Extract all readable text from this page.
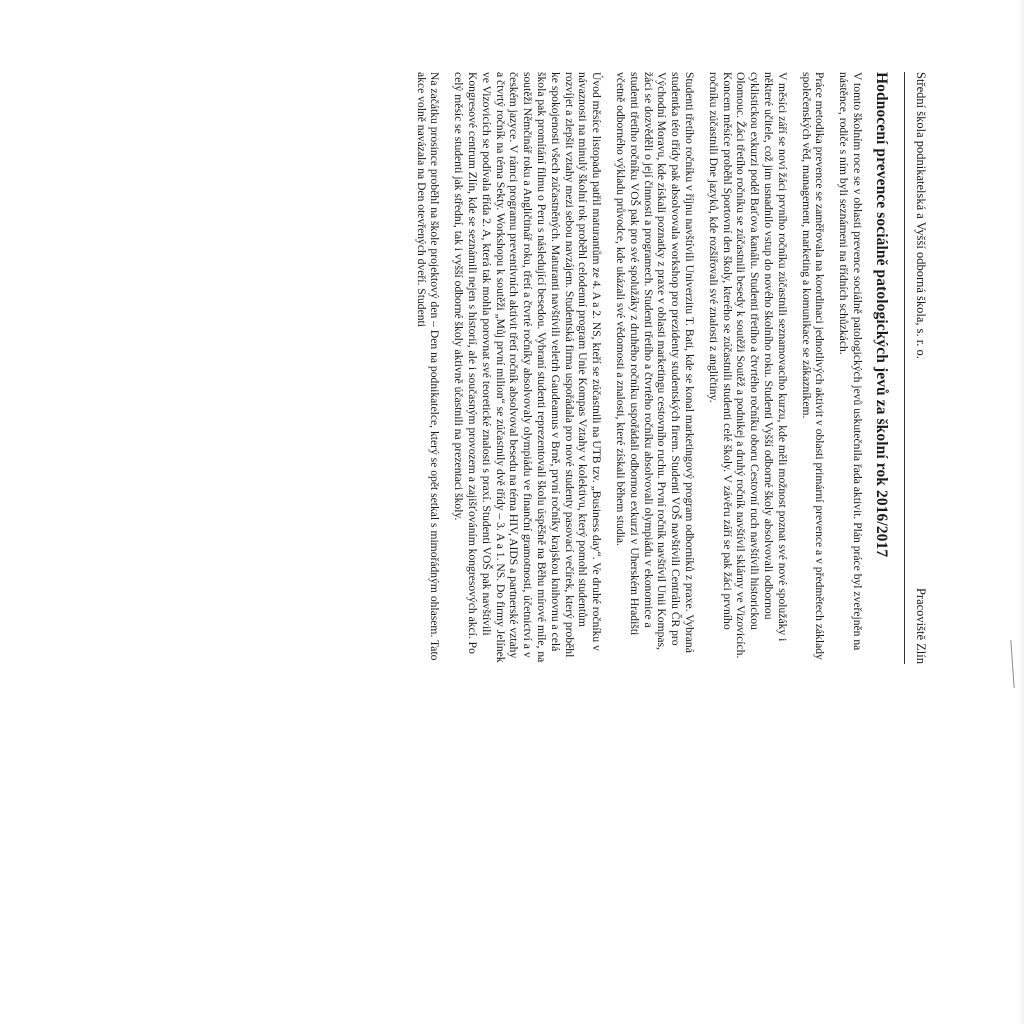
Střední škola podnikatelská a Vyšší odborná škola, s. r. o.
Pracoviště Zlín
Hodnocení prevence sociálně patologických jevů za školní rok 2016/2017

V tomto školním roce se v oblasti prevence sociálně patologických jevů uskutečnila řada aktivit. Plán práce byl zveřejněn na nástěnce, rodiče s ním byli seznámeni na třídních schůzkách.

Práce metodika prevence se zaměřovala na koordinaci jednotlivých aktivit v oblasti primární prevence a v předmětech základy společenských věd, management, marketing a komunikace se zákazníkem.

V měsíci září se noví žáci prvního ročníku zúčastnili seznamovacího kurzu, kde měli možnost poznat své nové spolužáky i některé učitele, což jim usnadnilo vstup do nového školního roku. Studenti Vyšší odborné školy absolvovali odbornou cyklistickou exkurzi podél Baťova kanálu. Studenti třetího a čtvrtého ročníku oboru Cestovní ruch navštívili historickou Olomouc. Žáci třetího ročníku se zúčastnili besedy k soutěži Soutěž a podnikej a druhý ročník navštívil sklárny ve Vizovicích. Koncem měsíce proběhl Sportovní den školy, kterého se zúčastnili studenti celé školy. V závěru září se pak žáci prvního ročníku zúčastnili Dne jazyků, kde rozšiřovali své znalosti z angličtiny.

Studenti třetího ročníku v říjnu navštívili Univerzitu T. Bati, kde se konal marketingový program odborníků z praxe. Vybraná studentka této třídy pak absolvovala workshop pro prezidenty studentských firem. Studenti VOŠ navštívili Centrálu ČR pro Východní Moravu, kde získali poznatky z praxe v oblasti marketingu cestovního ruchu. První ročník navštívil Unii Kompas, žáci se dozvěděli o její činnosti a programech. Studenti třetího a čtvrtého ročníku absolvovali olympiádu v ekonomice a studenti třetího ročníku VOŠ pak pro své spolužáky z druhého ročníku uspořádali odbornou exkurzi v Uherském Hradišti včetně odborného výkladu průvodce, kde ukázali své vědomosti a znalosti, které získali během studia.

Úvod měsíce listopadu patřil maturantům ze 4. A a 2. NS, kteří se zúčastnili na UTB tzv. „Business day“. Ve druhé ročníku v návaznosti na minulý školní rok proběhl celodenní program Unie Kompas Vztahy v kolektivu, který pomohl studentům rozvíjet a zlepšit vztahy mezi sebou navzájem. Studentská firma uspořádala pro nové studenty pasovací večírek, který proběhl ke spokojenosti všech zúčastněných. Maturanti navštívili veletrh Gaudeamus v Brně, první ročníky krajskou knihovnu a celá škola pak promítání filmu o Peru s následující besedou. Vybraní studenti reprezentovali školu úspěšně na Běhu mírové míle, na soutěži Němčinář roku a Angličtinář roku, třetí a čtvrté ročníky absolvovaly olympiádu ve finanční gramotnosti, účetnictví a v českém jazyce. V rámci programu preventivních aktivit třetí ročník absolvoval besedu na téma HIV, AIDS a partnerské vztahy a čtvrtý ročník na téma Sekty. Workshopu k soutěži „Můj první milion“ se zúčastnily dvě třídy – 3. A a 1. NS. Do firmy Jelínek ve Vizovicích se podívala třída 2. A, která tak mohla porovnat své teoretické znalosti s praxí. Studenti VOŠ pak navštívili Kongresové centrum Zlín, kde se seznámili nejen s historií, ale i současným provozem a zajišťováním kongresových akcí. Po celý měsíc se studenti jak střední, tak i vyšší odborné školy aktivně účastnili na prezentaci školy.

Na začátku prosince proběhl na škole projektový den – Den na podnikatelce, který se opět setkal s mimořádným ohlasem. Tato akce volně navázala na Den otevřených dveří. Studenti
